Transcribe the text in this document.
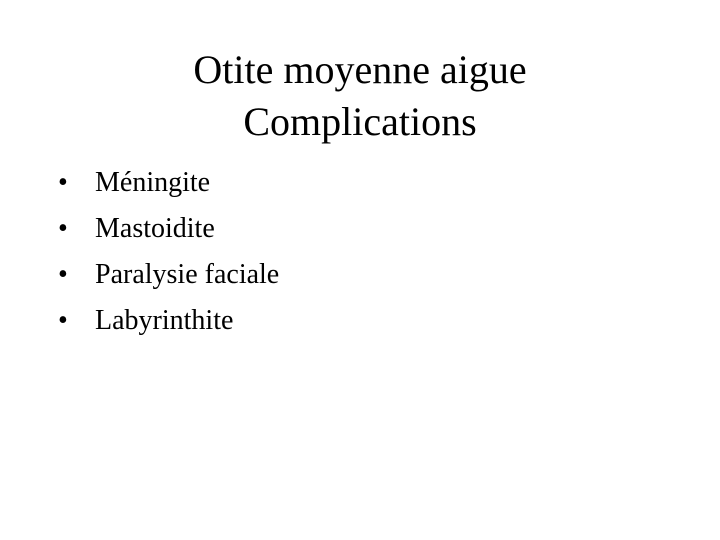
Otite moyenne aigue
Complications
• Méningite
• Mastoidite
• Paralysie faciale
• Labyrinthite
